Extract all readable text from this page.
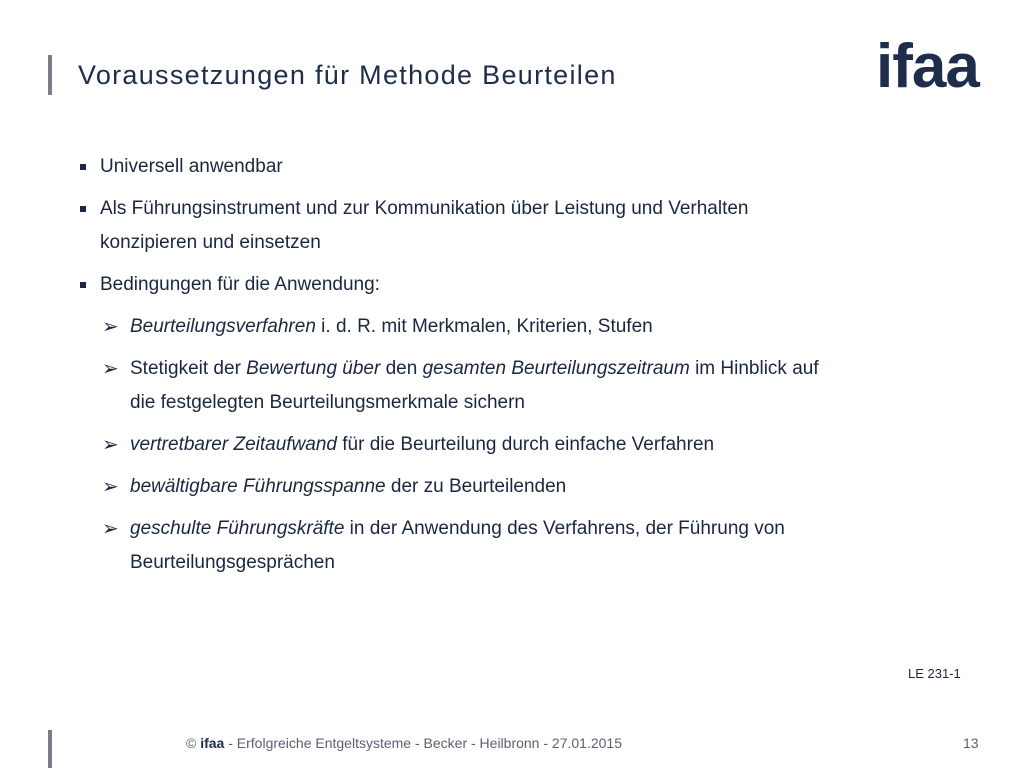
Voraussetzungen für Methode Beurteilen	ifaa
Universell anwendbar
Als Führungsinstrument und zur Kommunikation über Leistung und Verhalten
konzipieren und einsetzen
Bedingungen für die Anwendung:
➢ Beurteilungsverfahren i. d. R. mit Merkmalen, Kriterien, Stufen
➢ Stetigkeit der Bewertung über den gesamten Beurteilungszeitraum im Hinblick auf
die festgelegten Beurteilungsmerkmale sichern
➢ vertretbarer Zeitaufwand für die Beurteilung durch einfache Verfahren
➢ bewältigbare Führungsspanne der zu Beurteilenden
➢ geschulte Führungskräfte in der Anwendung des Verfahrens, der Führung von
Beurteilungsgesprächen
LE 231-1
© ifaa - Erfolgreiche Entgeltsysteme - Becker - Heilbronn - 27.01.2015	13
